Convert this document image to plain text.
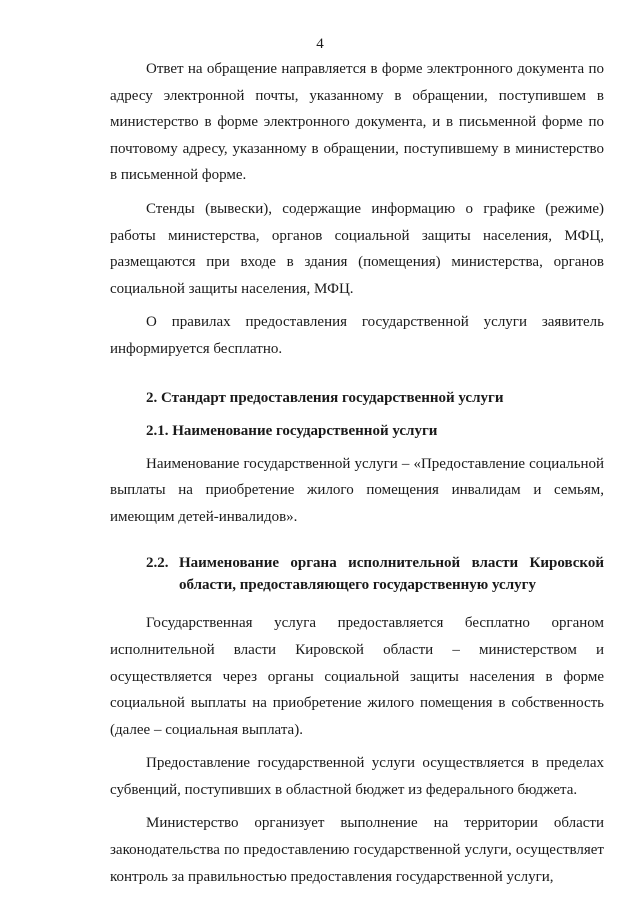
4

Ответ на обращение направляется в форме электронного документа по адресу электронной почты, указанному в обращении, поступившем в министерство в форме электронного документа, и в письменной форме по почтовому адресу, указанному в обращении, поступившему в министерство в письменной форме.

Стенды (вывески), содержащие информацию о графике (режиме) работы министерства, органов социальной защиты населения, МФЦ, размещаются при входе в здания (помещения) министерства, органов социальной защиты населения, МФЦ.

О правилах предоставления государственной услуги заявитель информируется бесплатно.

2. Стандарт предоставления государственной услуги
2.1. Наименование государственной услуги

Наименование государственной услуги – «Предоставление социальной выплаты на приобретение жилого помещения инвалидам и семьям, имеющим детей-инвалидов».

2.2. Наименование органа исполнительной власти Кировской области, предоставляющего государственную услугу

Государственная услуга предоставляется бесплатно органом исполнительной власти Кировской области – министерством и осуществляется через органы социальной защиты населения в форме социальной выплаты на приобретение жилого помещения в собственность (далее – социальная выплата).

Предоставление государственной услуги осуществляется в пределах субвенций, поступивших в областной бюджет из федерального бюджета.

Министерство организует выполнение на территории области законодательства по предоставлению государственной услуги, осуществляет контроль за правильностью предоставления государственной услуги,
